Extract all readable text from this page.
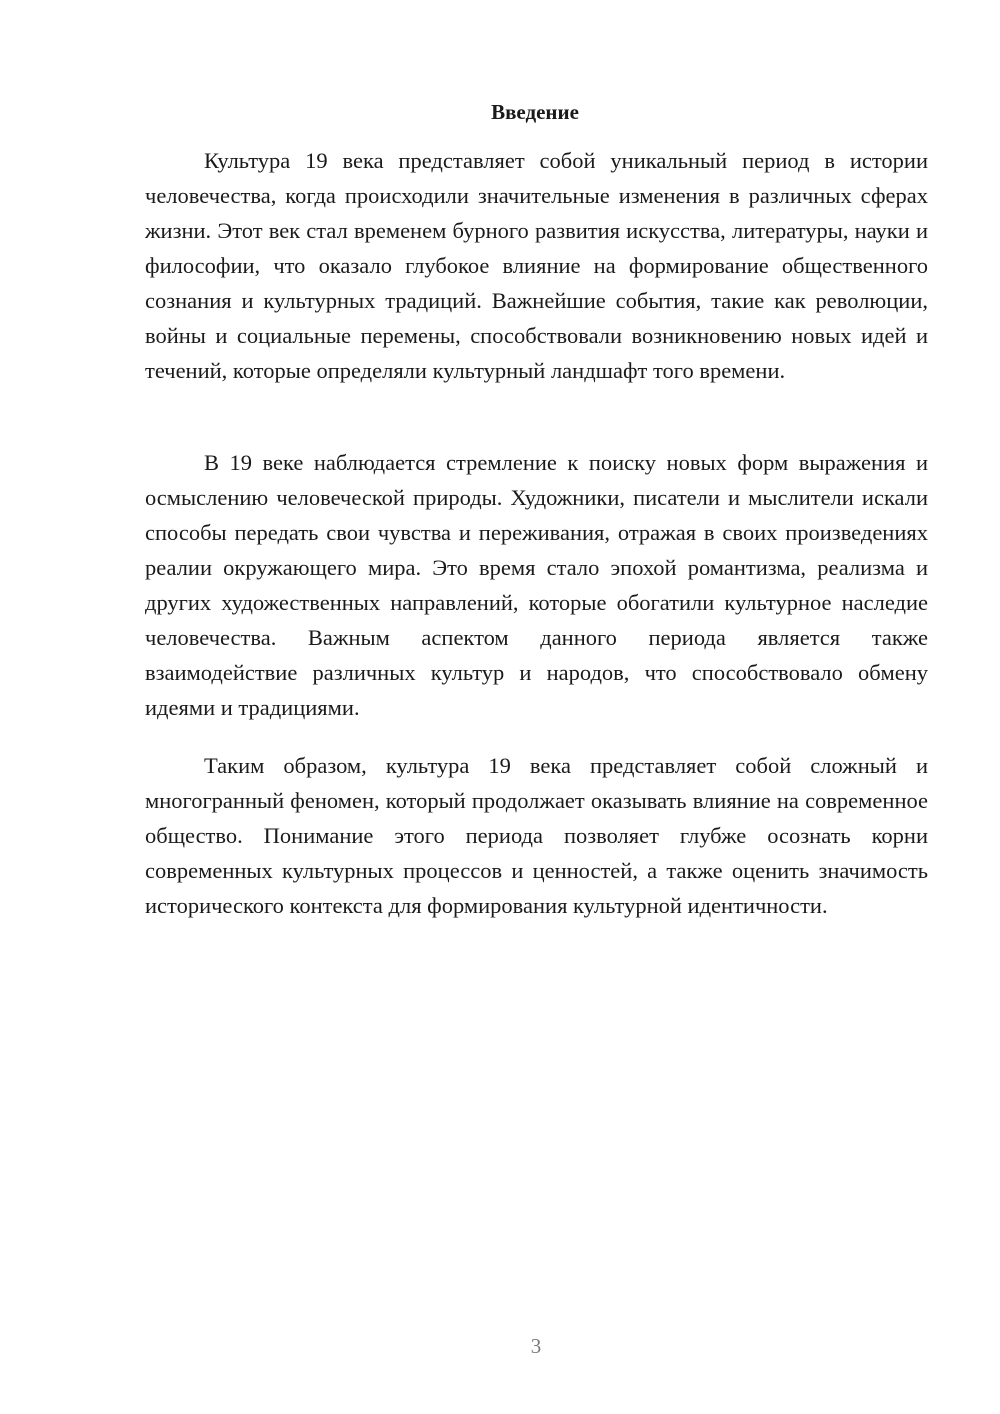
Введение

Культура 19 века представляет собой уникальный период в истории человечества, когда происходили значительные изменения в различных сферах жизни. Этот век стал временем бурного развития искусства, литературы, науки и философии, что оказало глубокое влияние на формирование общественного сознания и культурных традиций. Важнейшие события, такие как революции, войны и социальные перемены, способствовали возникновению новых идей и течений, которые определяли культурный ландшафт того времени.

В 19 веке наблюдается стремление к поиску новых форм выражения и осмыслению человеческой природы. Художники, писатели и мыслители искали способы передать свои чувства и переживания, отражая в своих произведениях реалии окружающего мира. Это время стало эпохой романтизма, реализма и других художественных направлений, которые обогатили культурное наследие человечества. Важным аспектом данного периода является также взаимодействие различных культур и народов, что способствовало обмену идеями и традициями.

Таким образом, культура 19 века представляет собой сложный и многогранный феномен, который продолжает оказывать влияние на современное общество. Понимание этого периода позволяет глубже осознать корни современных культурных процессов и ценностей, а также оценить значимость исторического контекста для формирования культурной идентичности.

3
